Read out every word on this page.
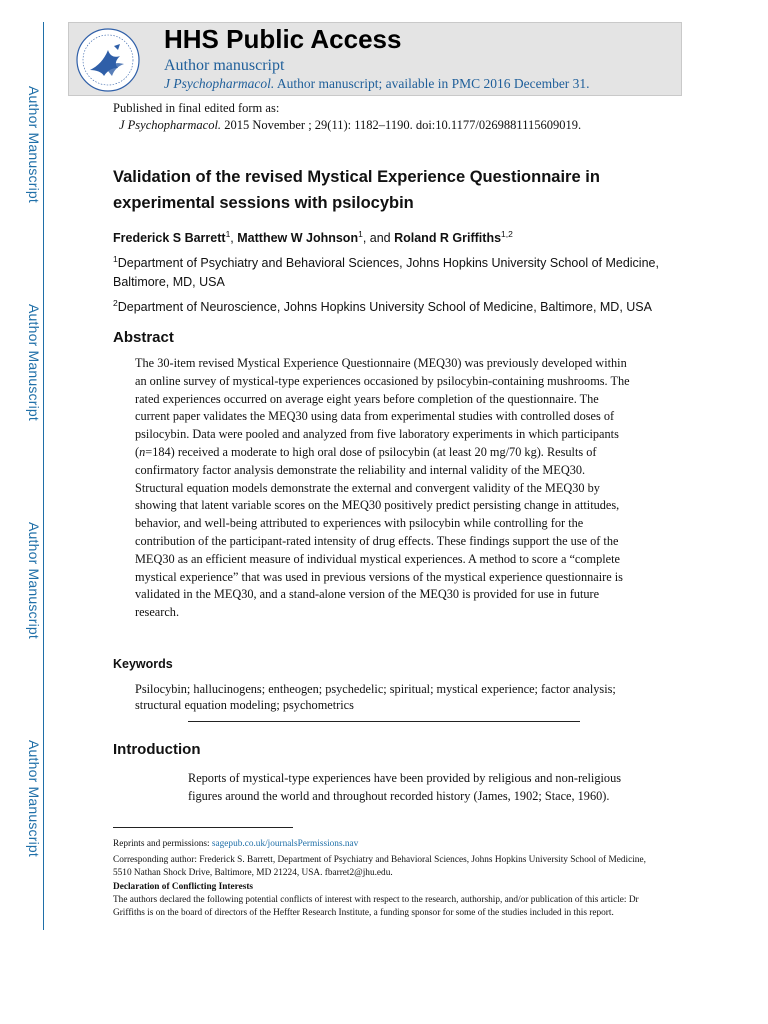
Author Manuscript
Author Manuscript
Author Manuscript
Author Manuscript
HHS Public Access
Author manuscript
J Psychopharmacol. Author manuscript; available in PMC 2016 December 31.
Published in final edited form as:
J Psychopharmacol. 2015 November ; 29(11): 1182–1190. doi:10.1177/0269881115609019.
Validation of the revised Mystical Experience Questionnaire in experimental sessions with psilocybin
Frederick S Barrett$^1$, Matthew W Johnson$^1$, and Roland R Griffiths$^{1,2}$
$^1$Department of Psychiatry and Behavioral Sciences, Johns Hopkins University School of Medicine, Baltimore, MD, USA
$^2$Department of Neuroscience, Johns Hopkins University School of Medicine, Baltimore, MD, USA
Abstract
The 30-item revised Mystical Experience Questionnaire (MEQ30) was previously developed within an online survey of mystical-type experiences occasioned by psilocybin-containing mushrooms. The rated experiences occurred on average eight years before completion of the questionnaire. The current paper validates the MEQ30 using data from experimental studies with controlled doses of psilocybin. Data were pooled and analyzed from five laboratory experiments in which participants (n=184) received a moderate to high oral dose of psilocybin (at least 20 mg/70 kg). Results of confirmatory factor analysis demonstrate the reliability and internal validity of the MEQ30. Structural equation models demonstrate the external and convergent validity of the MEQ30 by showing that latent variable scores on the MEQ30 positively predict persisting change in attitudes, behavior, and well-being attributed to experiences with psilocybin while controlling for the contribution of the participant-rated intensity of drug effects. These findings support the use of the MEQ30 as an efficient measure of individual mystical experiences. A method to score a “complete mystical experience” that was used in previous versions of the mystical experience questionnaire is validated in the MEQ30, and a stand-alone version of the MEQ30 is provided for use in future research.
Keywords
Psilocybin; hallucinogens; entheogen; psychedelic; spiritual; mystical experience; factor analysis; structural equation modeling; psychometrics
Introduction
Reports of mystical-type experiences have been provided by religious and non-religious figures around the world and throughout recorded history (James, 1902; Stace, 1960).
Reprints and permissions: sagepub.co.uk/journalsPermissions.nav
Corresponding author: Frederick S. Barrett, Department of Psychiatry and Behavioral Sciences, Johns Hopkins University School of Medicine, 5510 Nathan Shock Drive, Baltimore, MD 21224, USA. fbarret2@jhu.edu.
Declaration of Conflicting Interests
The authors declared the following potential conflicts of interest with respect to the research, authorship, and/or publication of this article: Dr Griffiths is on the board of directors of the Heffter Research Institute, a funding sponsor for some of the studies included in this report.
